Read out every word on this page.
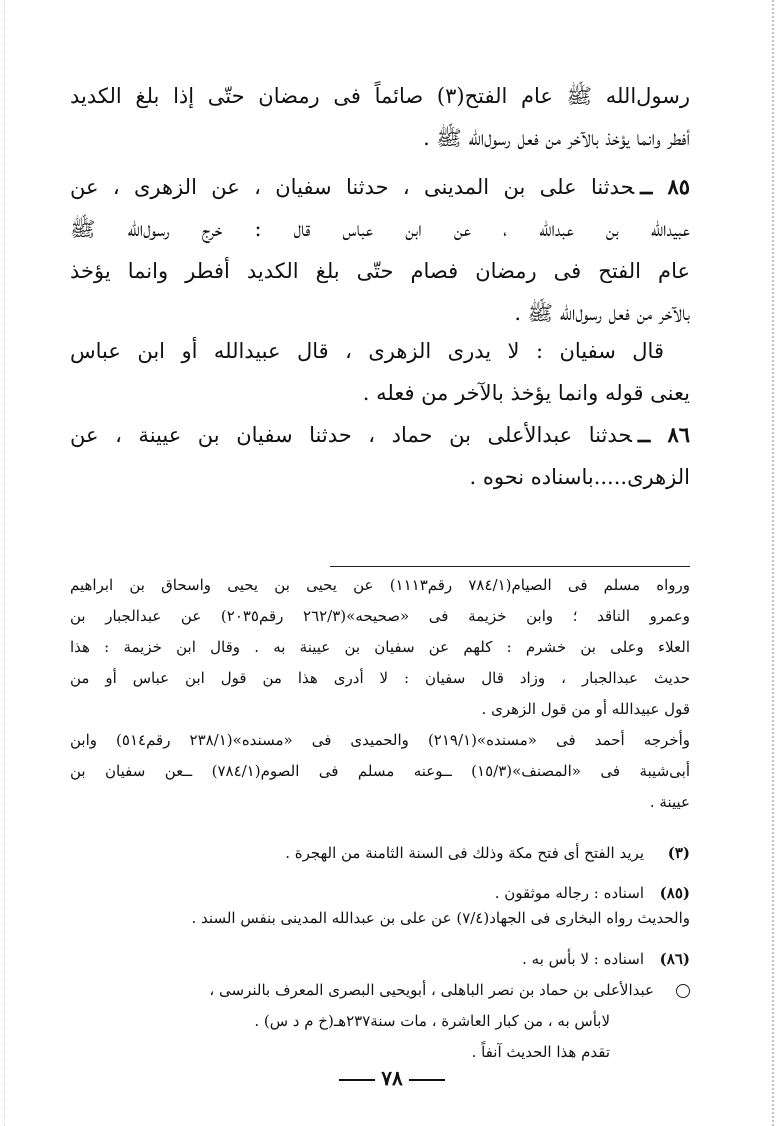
رسول‌الله ﷺ عام الفتح(٣) صائماً فى رمضان حتّى إذا بلغ الكديد
أفطر وانما يؤخذ بالآخر من فعل رسول‌الله ﷺ .
٨٥ ــحدثنا على بن المدينى ، حدثنا سفيان ، عن الزهرى ، عن
عبيدالله بن عبدالله ، عن ابن عباس قال : خرج رسول‌الله ﷺ
عام الفتح فى رمضان فصام حتّى بلغ الكديد أفطر وانما يؤخذ
بالآخر من فعل رسول‌الله ﷺ .
قال سفيان : لا يدرى الزهرى ، قال عبيدالله أو ابن عباس
يعنى قوله وانما يؤخذ بالآخر من فعله .
٨٦ ــحدثنا عبدالأعلى بن حماد ، حدثنا سفيان بن عيينة ، عن
الزهرى.....باسناده نحوه .
ورواه مسلم فى الصيام(٧٨٤/١ رقم١١١٣) عن يحيى بن يحيى واسحاق بن ابراهيم
وعمرو الناقد ؛ وابن خزيمة فى «صحيحه»(٢٦٢/٣ رقم٢٠٣٥) عن عبدالجبار بن
العلاء وعلى بن خشرم : كلهم عن سفيان بن عيينة به . وقال ابن خزيمة : هذا
حديث عبدالجبار ، وزاد قال سفيان : لا أدرى هذا من قول ابن عباس أو من
قول عبيدالله أو من قول الزهرى .
وأخرجه أحمد فى «مسنده»(٢١٩/١) والحميدى فى «مسنده»(٢٣٨/١ رقم٥١٤) وابن
أبى‌شيبة فى «المصنف»(١٥/٣) ــوعنه مسلم فى الصوم(٧٨٤/١) ــعن سفيان بن
عيينة .
(٣)يريد الفتح أى فتح مكة وذلك فى السنة الثامنة من الهجرة .
(٨٥)اسناده : رجاله موثقون .
والحديث رواه البخارى فى الجهاد(٧/٤) عن على بن عبدالله المدينى بنفس السند .
(٨٦)اسناده : لا بأس به .
عبدالأعلى بن حماد بن نصر الباهلى ، أبويحيى البصرى المعرف بالنرسى ،
لابأس به ، من كبار العاشرة ، مات سنة٢٣٧هـ(خ م د س) .
تقدم هذا الحديث آنفاً .
٧٨
